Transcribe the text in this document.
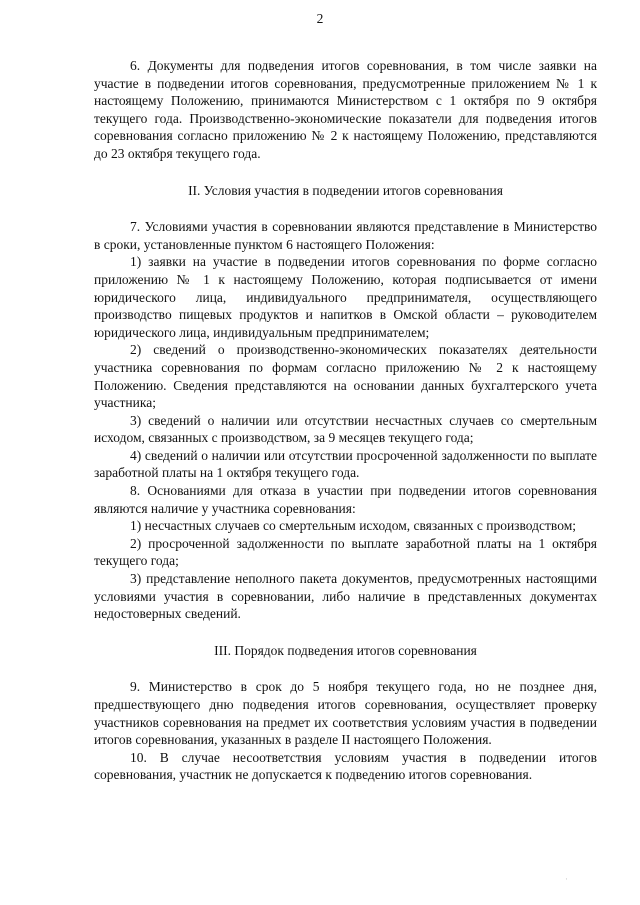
2

6. Документы для подведения итогов соревнования, в том числе заявки на участие в подведении итогов соревнования, предусмотренные приложением № 1 к настоящему Положению, принимаются Министерством с 1 октября по 9 октября текущего года. Производственно-экономические показатели для подведения итогов соревнования согласно приложению № 2 к настоящему Положению, представляются до 23 октября текущего года.

II. Условия участия в подведении итогов соревнования

7. Условиями участия в соревновании являются представление в Министерство в сроки, установленные пунктом 6 настоящего Положения:

1) заявки на участие в подведении итогов соревнования по форме согласно приложению № 1 к настоящему Положению, которая подписывается от имени юридического лица, индивидуального предпринимателя, осуществляющего производство пищевых продуктов и напитков в Омской области – руководителем юридического лица, индивидуальным предпринимателем;

2) сведений о производственно-экономических показателях деятельности участника соревнования по формам согласно приложению № 2 к настоящему Положению. Сведения представляются на основании данных бухгалтерского учета участника;

3) сведений о наличии или отсутствии несчастных случаев со смертельным исходом, связанных с производством, за 9 месяцев текущего года;

4) сведений о наличии или отсутствии просроченной задолженности по выплате заработной платы на 1 октября текущего года.

8. Основаниями для отказа в участии при подведении итогов соревнования являются наличие у участника соревнования:

1) несчастных случаев со смертельным исходом, связанных с производством;

2) просроченной задолженности по выплате заработной платы на 1 октября текущего года;

3) представление неполного пакета документов, предусмотренных настоящими условиями участия в соревновании, либо наличие в представленных документах недостоверных сведений.

III. Порядок подведения итогов соревнования

9. Министерство в срок до 5 ноября текущего года, но не позднее дня, предшествующего дню подведения итогов соревнования, осуществляет проверку участников соревнования на предмет их соответствия условиям участия в подведении итогов соревнования, указанных в разделе II настоящего Положения.

10. В случае несоответствия условиям участия в подведении итогов соревнования, участник не допускается к подведению итогов соревнования.

·
